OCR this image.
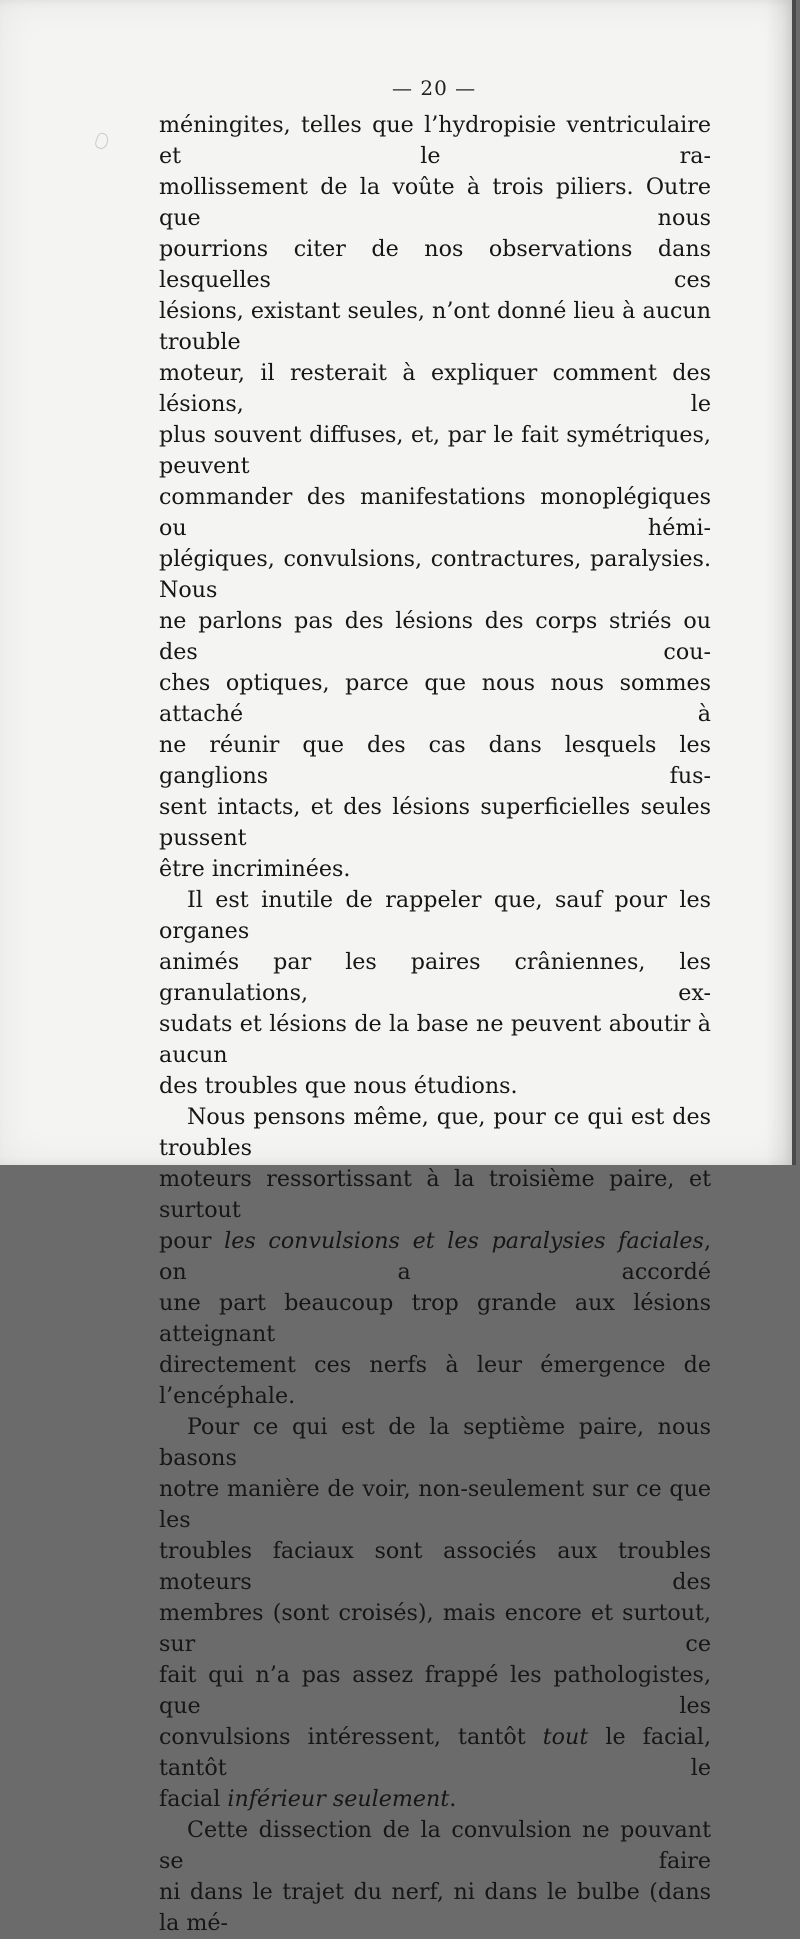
— 20 —

méningites, telles que l’hydropisie ventriculaire et le ra-
mollissement de la voûte à trois piliers. Outre que nous
pourrions citer de nos observations dans lesquelles ces
lésions, existant seules, n’ont donné lieu à aucun trouble
moteur, il resterait à expliquer comment des lésions, le
plus souvent diffuses, et, par le fait symétriques, peuvent
commander des manifestations monoplégiques ou hémi-
plégiques, convulsions, contractures, paralysies. Nous
ne parlons pas des lésions des corps striés ou des cou-
ches optiques, parce que nous nous sommes attaché à
ne réunir que des cas dans lesquels les ganglions fus-
sent intacts, et des lésions superficielles seules pussent
être incriminées.

Il est inutile de rappeler que, sauf pour les organes
animés par les paires crâniennes, les granulations, ex-
sudats et lésions de la base ne peuvent aboutir à aucun
des troubles que nous étudions.

Nous pensons même, que, pour ce qui est des troubles
moteurs ressortissant à la troisième paire, et surtout
pour les convulsions et les paralysies faciales, on a accordé
une part beaucoup trop grande aux lésions atteignant
directement ces nerfs à leur émergence de l’encéphale.

Pour ce qui est de la septième paire, nous basons
notre manière de voir, non-seulement sur ce que les
troubles faciaux sont associés aux troubles moteurs des
membres (sont croisés), mais encore et surtout, sur ce
fait qui n’a pas assez frappé les pathologistes, que les
convulsions intéressent, tantôt tout le facial, tantôt le
facial inférieur seulement.

Cette dissection de la convulsion ne pouvant se faire
ni dans le trajet du nerf, ni dans le bulbe (dans la mé-
